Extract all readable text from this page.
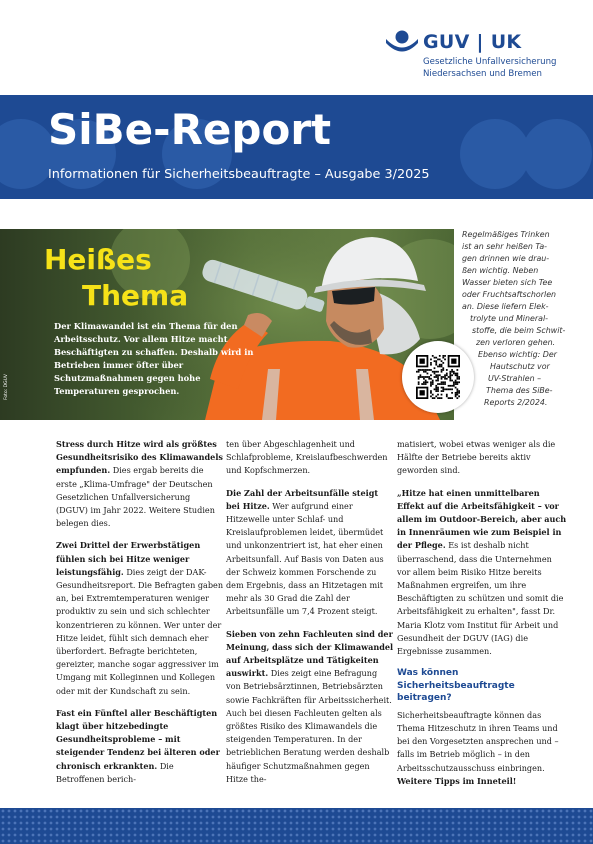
GUV | UK
Gesetzliche Unfallversicherung
Niedersachsen und Bremen
SiBe-Report
Informationen für Sicherheitsbeauftragte – Ausgabe 3/2025
Heißes
Thema
Der Klimawandel ist ein Thema für den Arbeitsschutz. Vor allem Hitze macht Beschäftigten zu schaffen. Deshalb wird in Betrieben immer öfter über Schutzmaßnahmen gegen hohe Temperaturen gesprochen.
Foto: DGUV
Regelmäßiges Trinken
ist an sehr heißen Ta-
gen drinnen wie drau-
ßen wichtig. Neben
Wasser bieten sich Tee
oder Fruchtsaftschorlen
an. Diese liefern Elek-
trolyte und Mineral-
stoffe, die beim Schwit-
zen verloren gehen.
Ebenso wichtig: Der
Hautschutz vor
UV-Strahlen –
Thema des SiBe-
Reports 2/2024.

Stress durch Hitze wird als größtes Gesundheitsrisiko des Klimawandels empfunden. Dies ergab bereits die erste „Klima-Umfrage" der Deutschen Gesetzlichen Unfallversicherung (DGUV) im Jahr 2022. Weitere Studien belegen dies.

Zwei Drittel der Erwerbstätigen fühlen sich bei Hitze weniger leistungsfähig. Dies zeigt der DAK-Gesundheitsreport. Die Befragten gaben an, bei Extremtemperaturen weniger produktiv zu sein und sich schlechter konzentrieren zu können. Wer unter der Hitze leidet, fühlt sich demnach eher überfordert. Befragte berichteten, gereizter, manche sogar aggressiver im Umgang mit Kolleginnen und Kollegen oder mit der Kundschaft zu sein.

Fast ein Fünftel aller Beschäftigten klagt über hitzebedingte Gesundheitsprobleme – mit steigender Tendenz bei älteren oder chronisch erkrankten. Die Betroffenen berich-

ten über Abgeschlagenheit und Schlafprobleme, Kreislaufbeschwerden und Kopfschmerzen.

Die Zahl der Arbeitsunfälle steigt bei Hitze. Wer aufgrund einer Hitzewelle unter Schlaf- und Kreislaufproblemen leidet, übermüdet und unkonzentriert ist, hat eher einen Arbeitsunfall. Auf Basis von Daten aus der Schweiz kommen Forschende zu dem Ergebnis, dass an Hitzetagen mit mehr als 30 Grad die Zahl der Arbeitsunfälle um 7,4 Prozent steigt.

Sieben von zehn Fachleuten sind der Meinung, dass sich der Klimawandel auf Arbeitsplätze und Tätigkeiten auswirkt. Dies zeigt eine Befragung von Betriebsärztinnen, Betriebsärzten sowie Fachkräften für Arbeitssicherheit. Auch bei diesen Fachleuten gelten als größtes Risiko des Klimawandels die steigenden Temperaturen. In der betrieblichen Beratung werden deshalb häufiger Schutzmaßnahmen gegen Hitze the-

matisiert, wobei etwas weniger als die Hälfte der Betriebe bereits aktiv geworden sind.

„Hitze hat einen unmittelbaren Effekt auf die Arbeitsfähigkeit – vor allem im Outdoor-Bereich, aber auch in Innenräumen wie zum Beispiel in der Pflege. Es ist deshalb nicht überraschend, dass die Unternehmen vor allem beim Risiko Hitze bereits Maßnahmen ergreifen, um ihre Beschäftigten zu schützen und somit die Arbeitsfähigkeit zu erhalten", fasst Dr. Maria Klotz vom Institut für Arbeit und Gesundheit der DGUV (IAG) die Ergebnisse zusammen.

Was können Sicherheitsbeauftragte beitragen?

Sicherheitsbeauftragte können das Thema Hitzeschutz in ihren Teams und bei den Vorgesetzten ansprechen und – falls im Betrieb möglich – in den Arbeitsschutzausschuss einbringen. Weitere Tipps im Inneteil!
